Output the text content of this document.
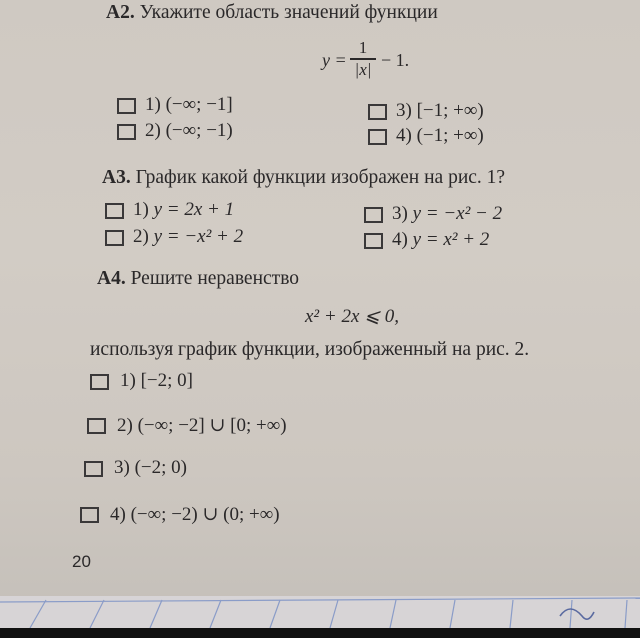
A2. Укажите область значений функции
y =
1
|x| − 1.
1) (−∞; −1]
2) (−∞; −1)
3) [−1; +∞)
4) (−1; +∞)
A3. График какой функции изображен на рис. 1?
1) y = 2x + 1
2) y = −x² + 2
3) y = −x² − 2
4) y = x² + 2
A4. Решите неравенство
x² + 2x ⩽ 0,
используя график функции, изображенный на рис. 2.
1) [−2; 0]
2) (−∞; −2] ∪ [0; +∞)
3) (−2; 0)
4) (−∞; −2) ∪ (0; +∞)
20
